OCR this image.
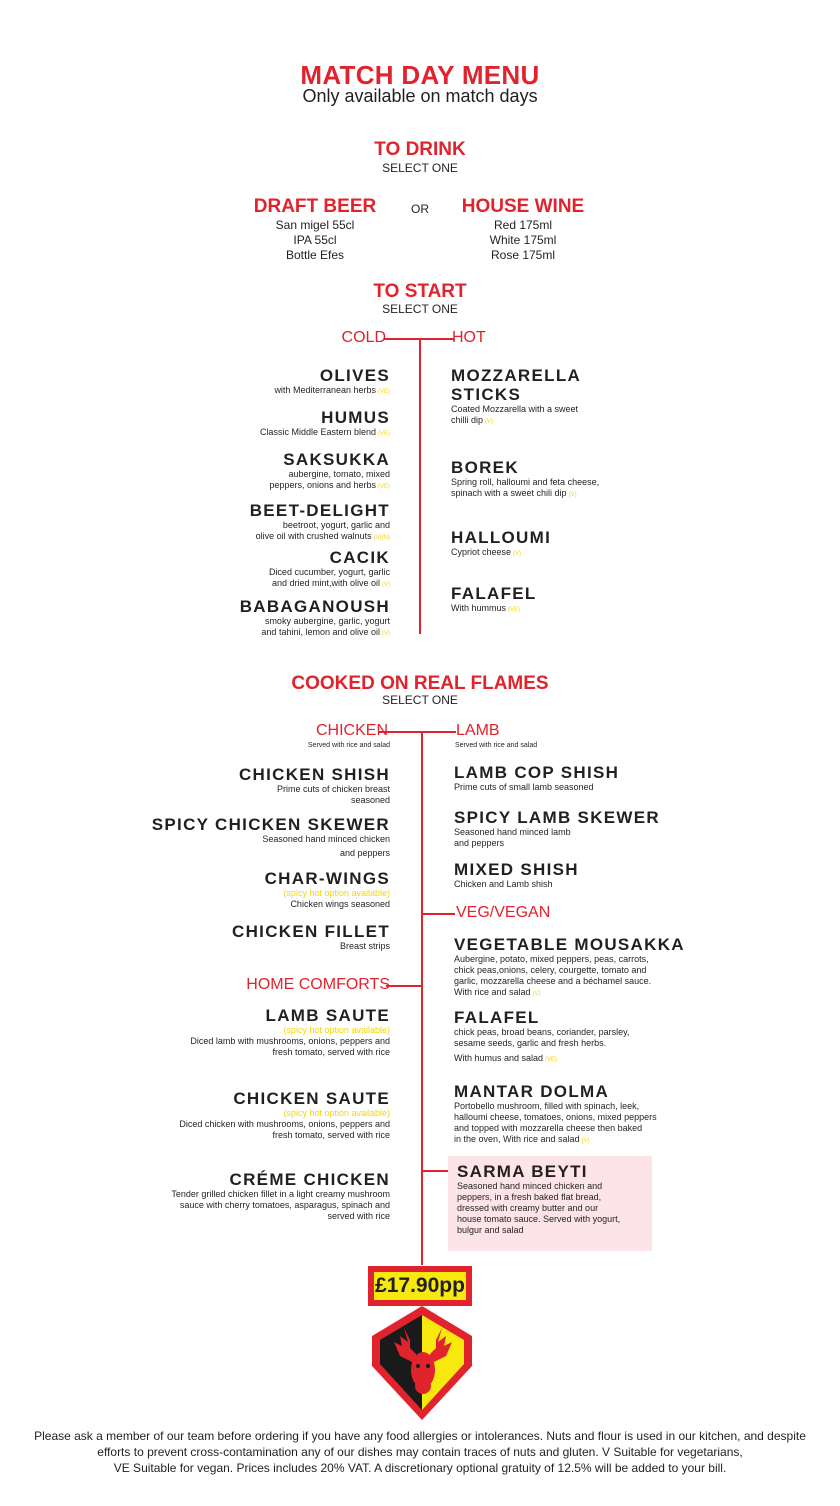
MATCH DAY MENU
Only available on match days
TO DRINK
SELECT ONE
DRAFT BEER
San migel 55cl
IPA 55cl
Bottle Efes
OR	HOUSE WINE
Red 175ml
White 175ml
Rose 175ml
TO START
SELECT ONE
COLD	HOT
OLIVES
with Mediterranean herbs (VE)
HUMUS
Classic Middle Eastern blend (VE)
SAKSUKKA
aubergine, tomato, mixed
peppers, onions and herbs (VE)
BEET-DELIGHT
beetroot, yogurt, garlic and
olive oil with crushed walnuts (V)(N)
CACIK
Diced cucumber, yogurt, garlic
and dried mint,with olive oil (V)
BABAGANOUSH
smoky aubergine, garlic, yogurt
and tahini, lemon and olive oil (V)
MOZZARELLA
STICKS
Coated Mozzarella with a sweet
chilli dip (V)
BOREK
Spring roll, halloumi and feta cheese,
spinach with a sweet chili dip (V)
HALLOUMI
Cypriot cheese (V)
FALAFEL
With hummus (VE)
COOKED ON REAL FLAMES
SELECT ONE
CHICKEN
Served with rice and salad
LAMB
Served with rice and salad
VEG/VEGAN
HOME COMFORTS
CHICKEN SHISH
Prime cuts of chicken breast
seasoned
SPICY CHICKEN SKEWER
Seasoned hand minced chicken
and peppers
CHAR-WINGS
(spicy hot option available)
Chicken wings seasoned
CHICKEN FILLET
Breast strips
LAMB SAUTE
(spicy hot option available)
Diced lamb with mushrooms, onions, peppers and
fresh tomato, served with rice
CHICKEN SAUTE
(spicy hot option available)
Diced chicken with mushrooms, onions, peppers and
fresh tomato, served with rice
CRÉME CHICKEN
Tender grilled chicken fillet in a light creamy mushroom
sauce with cherry tomatoes, asparagus, spinach and
served with rice
LAMB COP SHISH
Prime cuts of small lamb seasoned
SPICY LAMB SKEWER
Seasoned hand minced lamb
and peppers
MIXED SHISH
Chicken and Lamb shish
VEGETABLE MOUSAKKA
Aubergine, potato, mixed peppers, peas, carrots,
chick peas,onions, celery, courgette, tomato and
garlic, mozzarella cheese and a béchamel sauce.
With rice and salad (V)
FALAFEL
chick peas, broad beans, coriander, parsley,
sesame seeds, garlic and fresh herbs.
With humus and salad (VE)
MANTAR DOLMA
Portobello mushroom, filled with spinach, leek,
halloumi cheese, tomatoes, onions, mixed peppers
and topped with mozzarella cheese then baked
in the oven, With rice and salad (V)
SARMA BEYTI
Seasoned hand minced chicken and
peppers, in a fresh baked flat bread,
dressed with creamy butter and our
house tomato sauce. Served with yogurt,
bulgur and salad
£17.90pp
Please ask a member of our team before ordering if you have any food allergies or intolerances. Nuts and flour is used in our kitchen, and despite
efforts to prevent cross-contamination any of our dishes may contain traces of nuts and gluten. V Suitable for vegetarians,
VE Suitable for vegan. Prices includes 20% VAT. A discretionary optional gratuity of 12.5% will be added to your bill.
